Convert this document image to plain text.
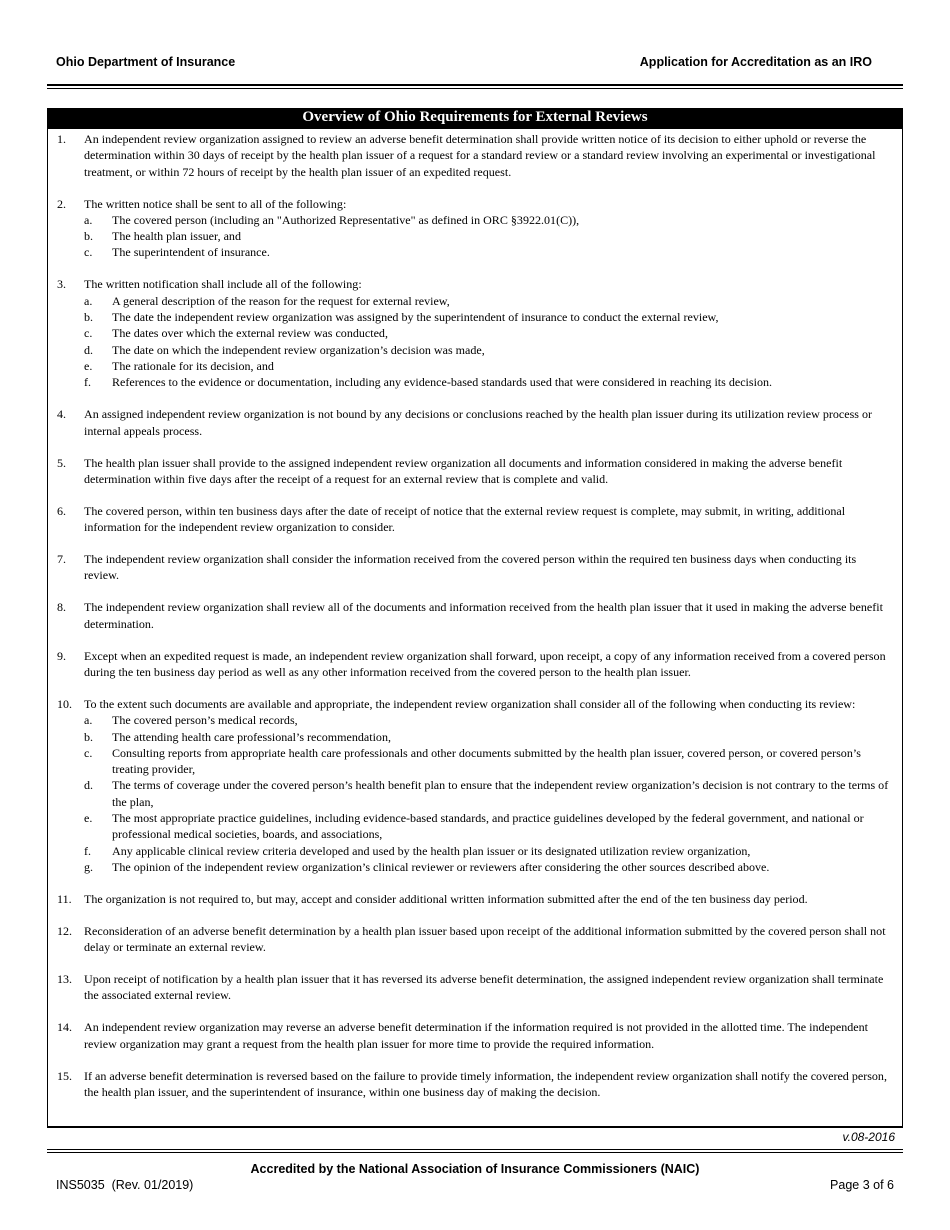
Ohio Department of Insurance	Application for Accreditation as an IRO
Overview of Ohio Requirements for External Reviews
1. An independent review organization assigned to review an adverse benefit determination shall provide written notice of its decision to either uphold or reverse the determination within 30 days of receipt by the health plan issuer of a request for a standard review or a standard review involving an experimental or investigational treatment, or within 72 hours of receipt by the health plan issuer of an expedited request.
2. The written notice shall be sent to all of the following:
a. The covered person (including an "Authorized Representative" as defined in ORC §3922.01(C)),
b. The health plan issuer, and
c. The superintendent of insurance.
3. The written notification shall include all of the following:
a. A general description of the reason for the request for external review,
b. The date the independent review organization was assigned by the superintendent of insurance to conduct the external review,
c. The dates over which the external review was conducted,
d. The date on which the independent review organization’s decision was made,
e. The rationale for its decision, and
f. References to the evidence or documentation, including any evidence-based standards used that were considered in reaching its decision.
4. An assigned independent review organization is not bound by any decisions or conclusions reached by the health plan issuer during its utilization review process or internal appeals process.
5. The health plan issuer shall provide to the assigned independent review organization all documents and information considered in making the adverse benefit determination within five days after the receipt of a request for an external review that is complete and valid.
6. The covered person, within ten business days after the date of receipt of notice that the external review request is complete, may submit, in writing, additional information for the independent review organization to consider.
7. The independent review organization shall consider the information received from the covered person within the required ten business days when conducting its review.
8. The independent review organization shall review all of the documents and information received from the health plan issuer that it used in making the adverse benefit determination.
9. Except when an expedited request is made, an independent review organization shall forward, upon receipt, a copy of any information received from a covered person during the ten business day period as well as any other information received from the covered person to the health plan issuer.
10. To the extent such documents are available and appropriate, the independent review organization shall consider all of the following when conducting its review:
a. The covered person’s medical records,
b. The attending health care professional’s recommendation,
c. Consulting reports from appropriate health care professionals and other documents submitted by the health plan issuer, covered person, or covered person’s treating provider,
d. The terms of coverage under the covered person’s health benefit plan to ensure that the independent review organization’s decision is not contrary to the terms of the plan,
e. The most appropriate practice guidelines, including evidence-based standards, and practice guidelines developed by the federal government, and national or professional medical societies, boards, and associations,
f. Any applicable clinical review criteria developed and used by the health plan issuer or its designated utilization review organization,
g. The opinion of the independent review organization’s clinical reviewer or reviewers after considering the other sources described above.
11. The organization is not required to, but may, accept and consider additional written information submitted after the end of the ten business day period.
12. Reconsideration of an adverse benefit determination by a health plan issuer based upon receipt of the additional information submitted by the covered person shall not delay or terminate an external review.
13. Upon receipt of notification by a health plan issuer that it has reversed its adverse benefit determination, the assigned independent review organization shall terminate the associated external review.
14. An independent review organization may reverse an adverse benefit determination if the information required is not provided in the allotted time. The independent review organization may grant a request from the health plan issuer for more time to provide the required information.
15. If an adverse benefit determination is reversed based on the failure to provide timely information, the independent review organization shall notify the covered person, the health plan issuer, and the superintendent of insurance, within one business day of making the decision.
v.08-2016
Accredited by the National Association of Insurance Commissioners (NAIC)
INS5035  (Rev. 01/2019)	Page 3 of 6
